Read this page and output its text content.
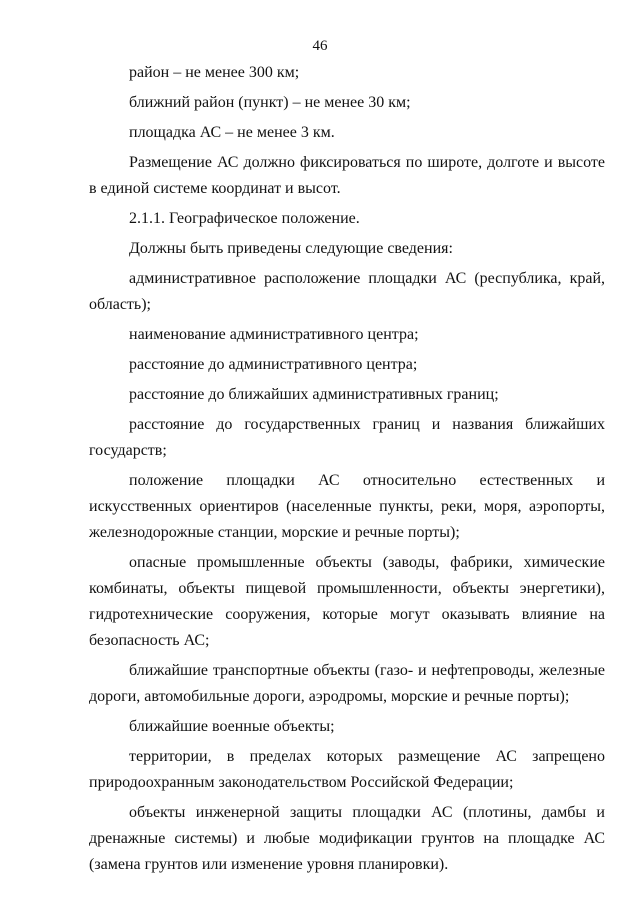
46

район – не менее 300 км;

ближний район (пункт) – не менее 30 км;

площадка АС – не менее 3 км.

Размещение АС должно фиксироваться по широте, долготе и высоте в единой системе координат и высот.

2.1.1. Географическое положение.

Должны быть приведены следующие сведения:

административное расположение площадки АС (республика, край, область);

наименование административного центра;

расстояние до административного центра;

расстояние до ближайших административных границ;

расстояние до государственных границ и названия ближайших государств;

положение площадки АС относительно естественных и искусственных ориентиров (населенные пункты, реки, моря, аэропорты, железнодорожные станции, морские и речные порты);

опасные промышленные объекты (заводы, фабрики, химические комбинаты, объекты пищевой промышленности, объекты энергетики), гидротехнические сооружения, которые могут оказывать влияние на безопасность АС;

ближайшие транспортные объекты (газо- и нефтепроводы, железные дороги, автомобильные дороги, аэродромы, морские и речные порты);

ближайшие военные объекты;

территории, в пределах которых размещение АС запрещено природоохранным законодательством Российской Федерации;

объекты инженерной защиты площадки АС (плотины, дамбы и дренажные системы) и любые модификации грунтов на площадке АС (замена грунтов или изменение уровня планировки).
